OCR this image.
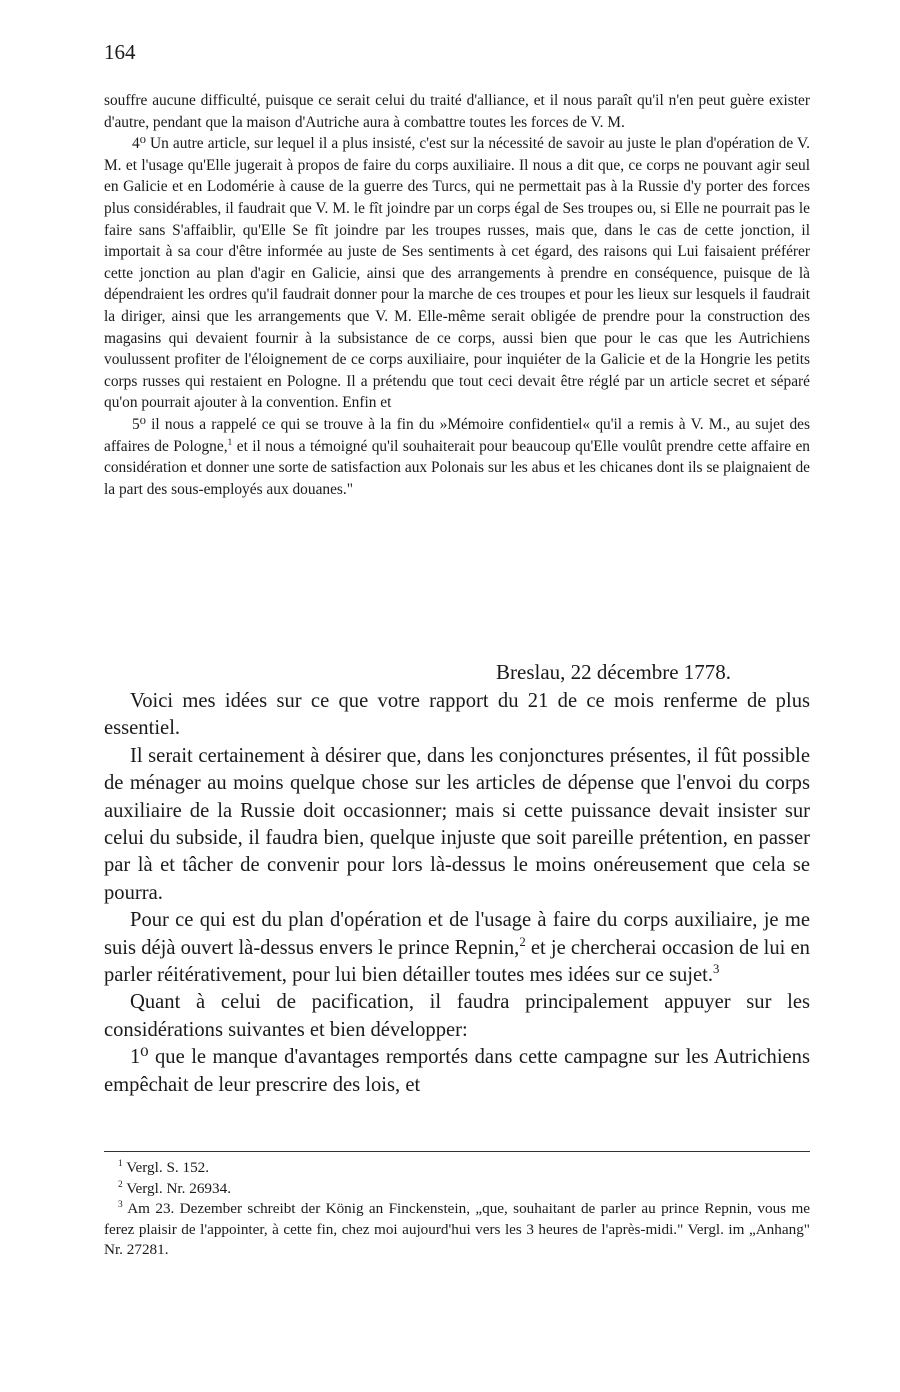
164

souffre aucune difficulté, puisque ce serait celui du traité d'alliance, et il nous paraît qu'il n'en peut guère exister d'autre, pendant que la maison d'Autriche aura à combattre toutes les forces de V. M.

4⁰ Un autre article, sur lequel il a plus insisté, c'est sur la nécessité de savoir au juste le plan d'opération de V. M. et l'usage qu'Elle jugerait à propos de faire du corps auxiliaire. Il nous a dit que, ce corps ne pouvant agir seul en Galicie et en Lodomérie à cause de la guerre des Turcs, qui ne permettait pas à la Russie d'y porter des forces plus considérables, il faudrait que V. M. le fît joindre par un corps égal de Ses troupes ou, si Elle ne pourrait pas le faire sans S'affaiblir, qu'Elle Se fît joindre par les troupes russes, mais que, dans le cas de cette jonction, il importait à sa cour d'être informée au juste de Ses sentiments à cet égard, des raisons qui Lui faisaient préférer cette jonction au plan d'agir en Galicie, ainsi que des arrangements à prendre en conséquence, puisque de là dépendraient les ordres qu'il faudrait donner pour la marche de ces troupes et pour les lieux sur lesquels il faudrait la diriger, ainsi que les arrangements que V. M. Elle-même serait obligée de prendre pour la construction des magasins qui devaient fournir à la subsistance de ce corps, aussi bien que pour le cas que les Autrichiens voulussent profiter de l'éloignement de ce corps auxiliaire, pour inquiéter de la Galicie et de la Hongrie les petits corps russes qui restaient en Pologne. Il a prétendu que tout ceci devait être réglé par un article secret et séparé qu'on pourrait ajouter à la convention. Enfin et

5⁰ il nous a rappelé ce qui se trouve à la fin du »Mémoire confidentiel« qu'il a remis à V. M., au sujet des affaires de Pologne,$^1$ et il nous a témoigné qu'il souhaiterait pour beaucoup qu'Elle voulût prendre cette affaire en considération et donner une sorte de satisfaction aux Polonais sur les abus et les chicanes dont ils se plaignaient de la part des sous-employés aux douanes."

Breslau, 22 décembre 1778.

Voici mes idées sur ce que votre rapport du 21 de ce mois renferme de plus essentiel.

Il serait certainement à désirer que, dans les conjonctures présentes, il fût possible de ménager au moins quelque chose sur les articles de dépense que l'envoi du corps auxiliaire de la Russie doit occasionner; mais si cette puissance devait insister sur celui du subside, il faudra bien, quelque injuste que soit pareille prétention, en passer par là et tâcher de convenir pour lors là-dessus le moins onéreusement que cela se pourra.

Pour ce qui est du plan d'opération et de l'usage à faire du corps auxiliaire, je me suis déjà ouvert là-dessus envers le prince Repnin,$^2$ et je chercherai occasion de lui en parler réitérativement, pour lui bien détailler toutes mes idées sur ce sujet.$^3$

Quant à celui de pacification, il faudra principalement appuyer sur les considérations suivantes et bien développer:

1⁰ que le manque d'avantages remportés dans cette campagne sur les Autrichiens empêchait de leur prescrire des lois, et

$^1$ Vergl. S. 152.

$^2$ Vergl. Nr. 26934.

$^3$ Am 23. Dezember schreibt der König an Finckenstein, „que, souhaitant de parler au prince Repnin, vous me ferez plaisir de l'appointer, à cette fin, chez moi aujourd'hui vers les 3 heures de l'après-midi." Vergl. im „Anhang" Nr. 27281.
